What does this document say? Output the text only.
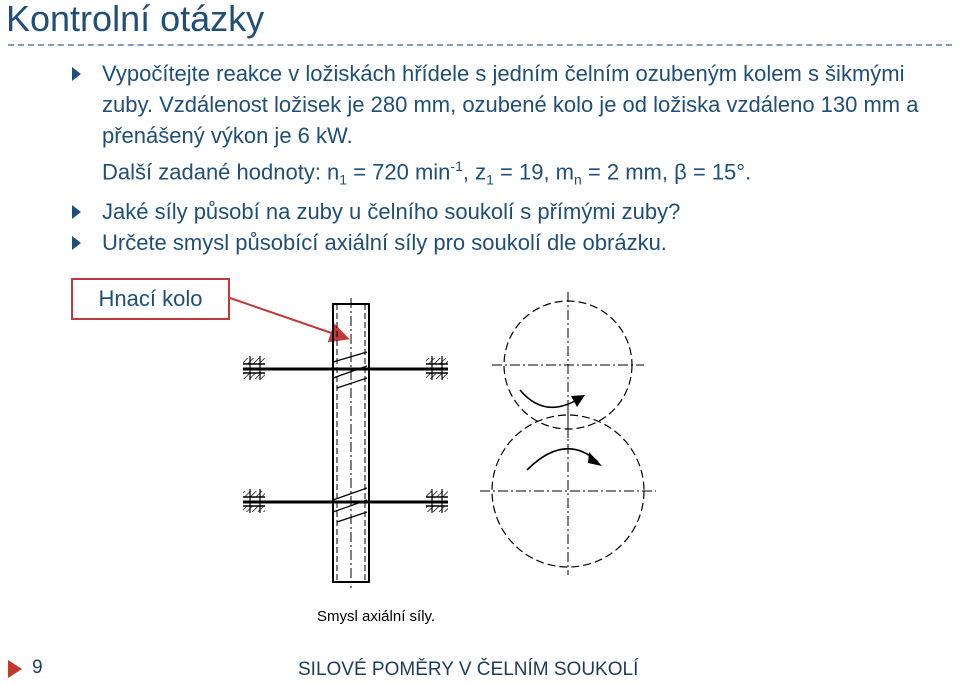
Kontrolní otázky
Vypočítejte reakce v ložiskách hřídele s jedním čelním ozubeným kolem s šikmými zuby. Vzdálenost ložisek je 280 mm, ozubené kolo je od ložiska vzdáleno 130 mm a přenášený výkon je 6 kW.
Další zadané hodnoty: $n_1 = 720$ $\min^{-1}$, $z_1 = 19$, $m_n = 2$ mm, β = 15°.
Jaké síly působí na zuby u čelního soukolí s přímými zuby?
Určete smysl působící axiální síly pro soukolí dle obrázku.
Hnací kolo
Smysl axiální síly.
9	SILOVÉ POMĚRY V ČELNÍM SOUKOLÍ
